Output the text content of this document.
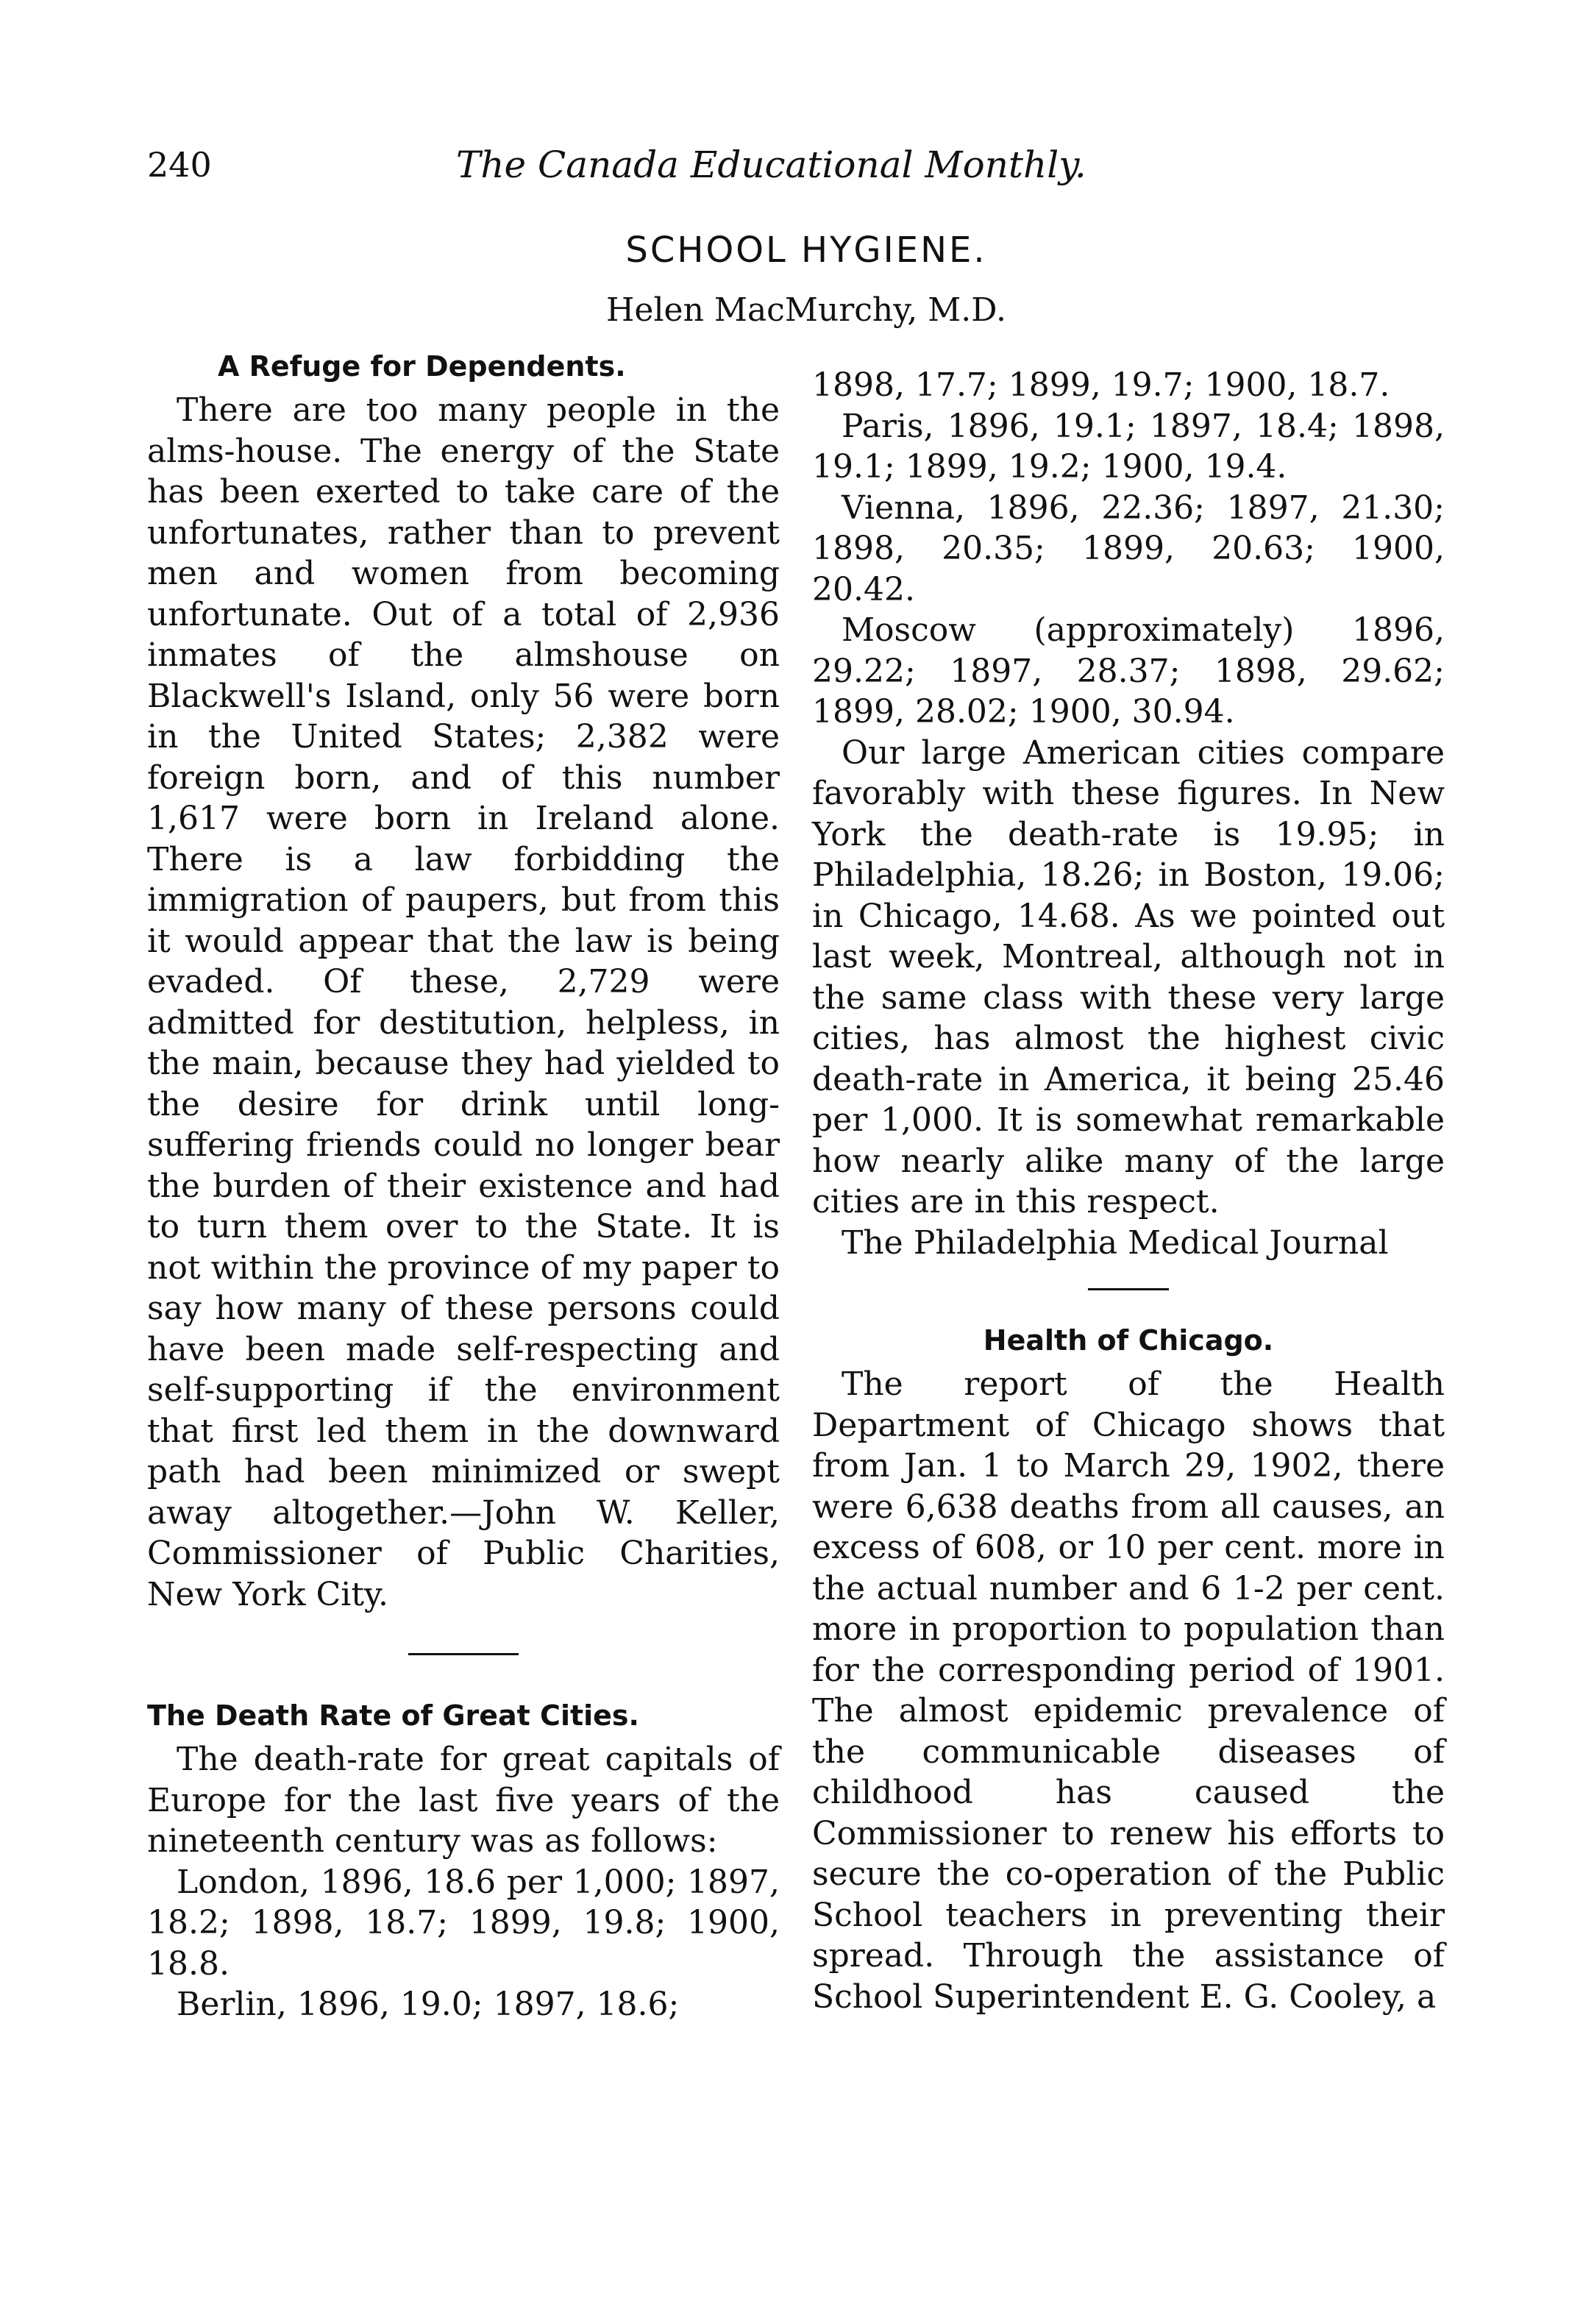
240	The Canada Educational Monthly.
SCHOOL HYGIENE.
Helen MacMurchy, M.D.
A Refuge for Dependents.

There are too many people in the alms-house. The energy of the State has been exerted to take care of the unfortunates, rather than to prevent men and women from becoming unfortunate. Out of a total of 2,936 inmates of the almshouse on Blackwell's Island, only 56 were born in the United States; 2,382 were foreign born, and of this number 1,617 were born in Ireland alone. There is a law forbidding the immigration of paupers, but from this it would appear that the law is being evaded. Of these, 2,729 were admitted for destitution, helpless, in the main, because they had yielded to the desire for drink until long-suffering friends could no longer bear the burden of their existence and had to turn them over to the State. It is not within the province of my paper to say how many of these persons could have been made self-respecting and self-supporting if the environment that first led them in the downward path had been minimized or swept away altogether.—John W. Keller, Commissioner of Public Charities, New York City.

The Death Rate of Great Cities.

The death-rate for great capitals of Europe for the last five years of the nineteenth century was as follows:

London, 1896, 18.6 per 1,000; 1897, 18.2; 1898, 18.7; 1899, 19.8; 1900, 18.8.

Berlin, 1896, 19.0; 1897, 18.6;

1898, 17.7; 1899, 19.7; 1900, 18.7.

Paris, 1896, 19.1; 1897, 18.4; 1898, 19.1; 1899, 19.2; 1900, 19.4.

Vienna, 1896, 22.36; 1897, 21.30; 1898, 20.35; 1899, 20.63; 1900, 20.42.

Moscow (approximately) 1896, 29.22; 1897, 28.37; 1898, 29.62; 1899, 28.02; 1900, 30.94.

Our large American cities compare favorably with these figures. In New York the death-rate is 19.95; in Philadelphia, 18.26; in Boston, 19.06; in Chicago, 14.68. As we pointed out last week, Montreal, although not in the same class with these very large cities, has almost the highest civic death-rate in America, it being 25.46 per 1,000. It is somewhat remarkable how nearly alike many of the large cities are in this respect.

The Philadelphia Medical Journal

Health of Chicago.

The report of the Health Department of Chicago shows that from Jan. 1 to March 29, 1902, there were 6,638 deaths from all causes, an excess of 608, or 10 per cent. more in the actual number and 6 1-2 per cent. more in proportion to population than for the corresponding period of 1901. The almost epidemic prevalence of the communicable diseases of childhood has caused the Commissioner to renew his efforts to secure the co-operation of the Public School teachers in preventing their spread. Through the assistance of School Superintendent E. G. Cooley, a
